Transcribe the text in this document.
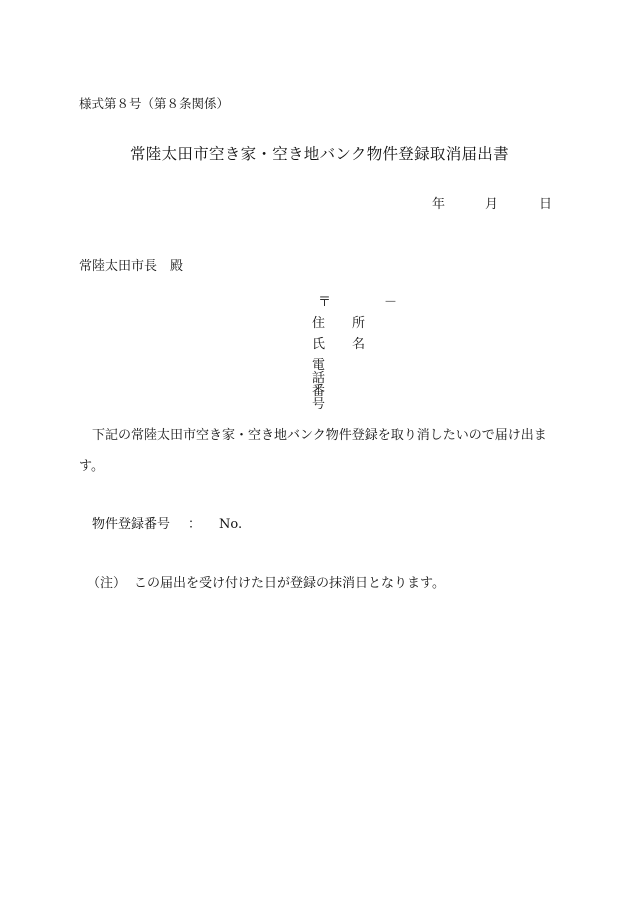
様式第８号（第８条関係）
常陸太田市空き家・空き地バンク物件登録取消届出書
年	月	日
常陸太田市長　殿
〒	－
住 所
氏 名
電話番号
下記の常陸太田市空き家・空き地バンク物件登録を取り消したいので届け出ます。
物件登録番号 ： No.
（注） この届出を受け付けた日が登録の抹消日となります。
